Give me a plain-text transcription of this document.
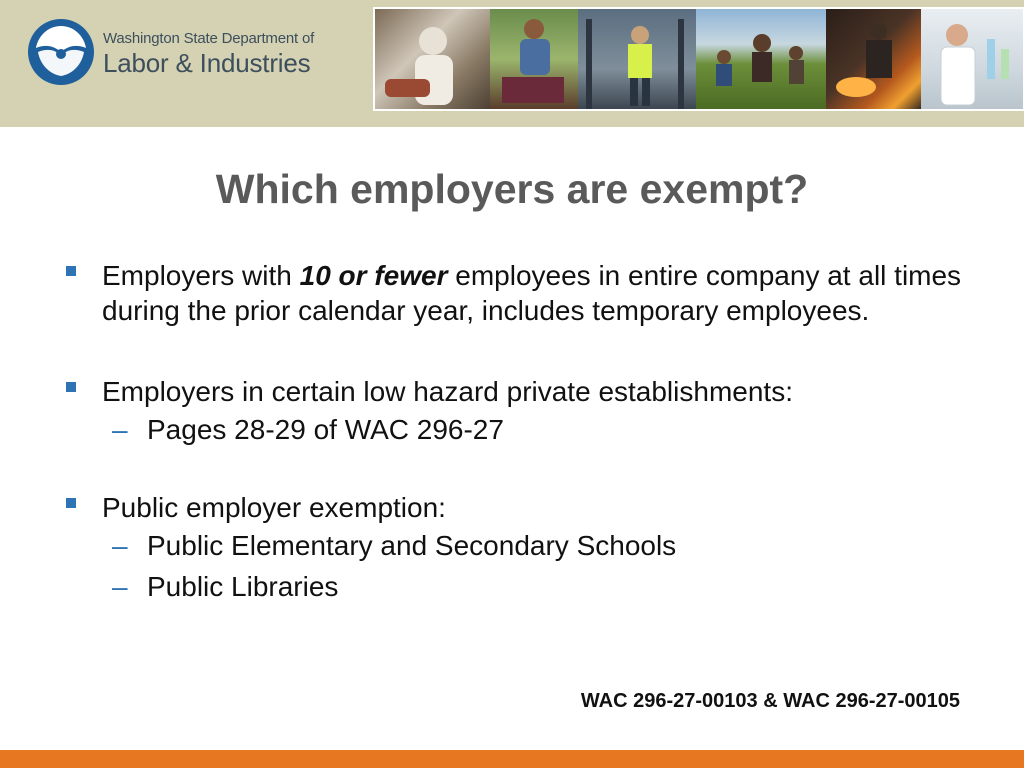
Washington State Department of
Labor & Industries
Which employers are exempt?

Employers with 10 or fewer employees in entire company at all times during the prior calendar year, includes temporary employees.

Employers in certain low hazard private establishments:

– Pages 28-29 of WAC 296-27

Public employer exemption:

– Public Elementary and Secondary Schools

– Public Libraries

WAC 296-27-00103 & WAC 296-27-00105
